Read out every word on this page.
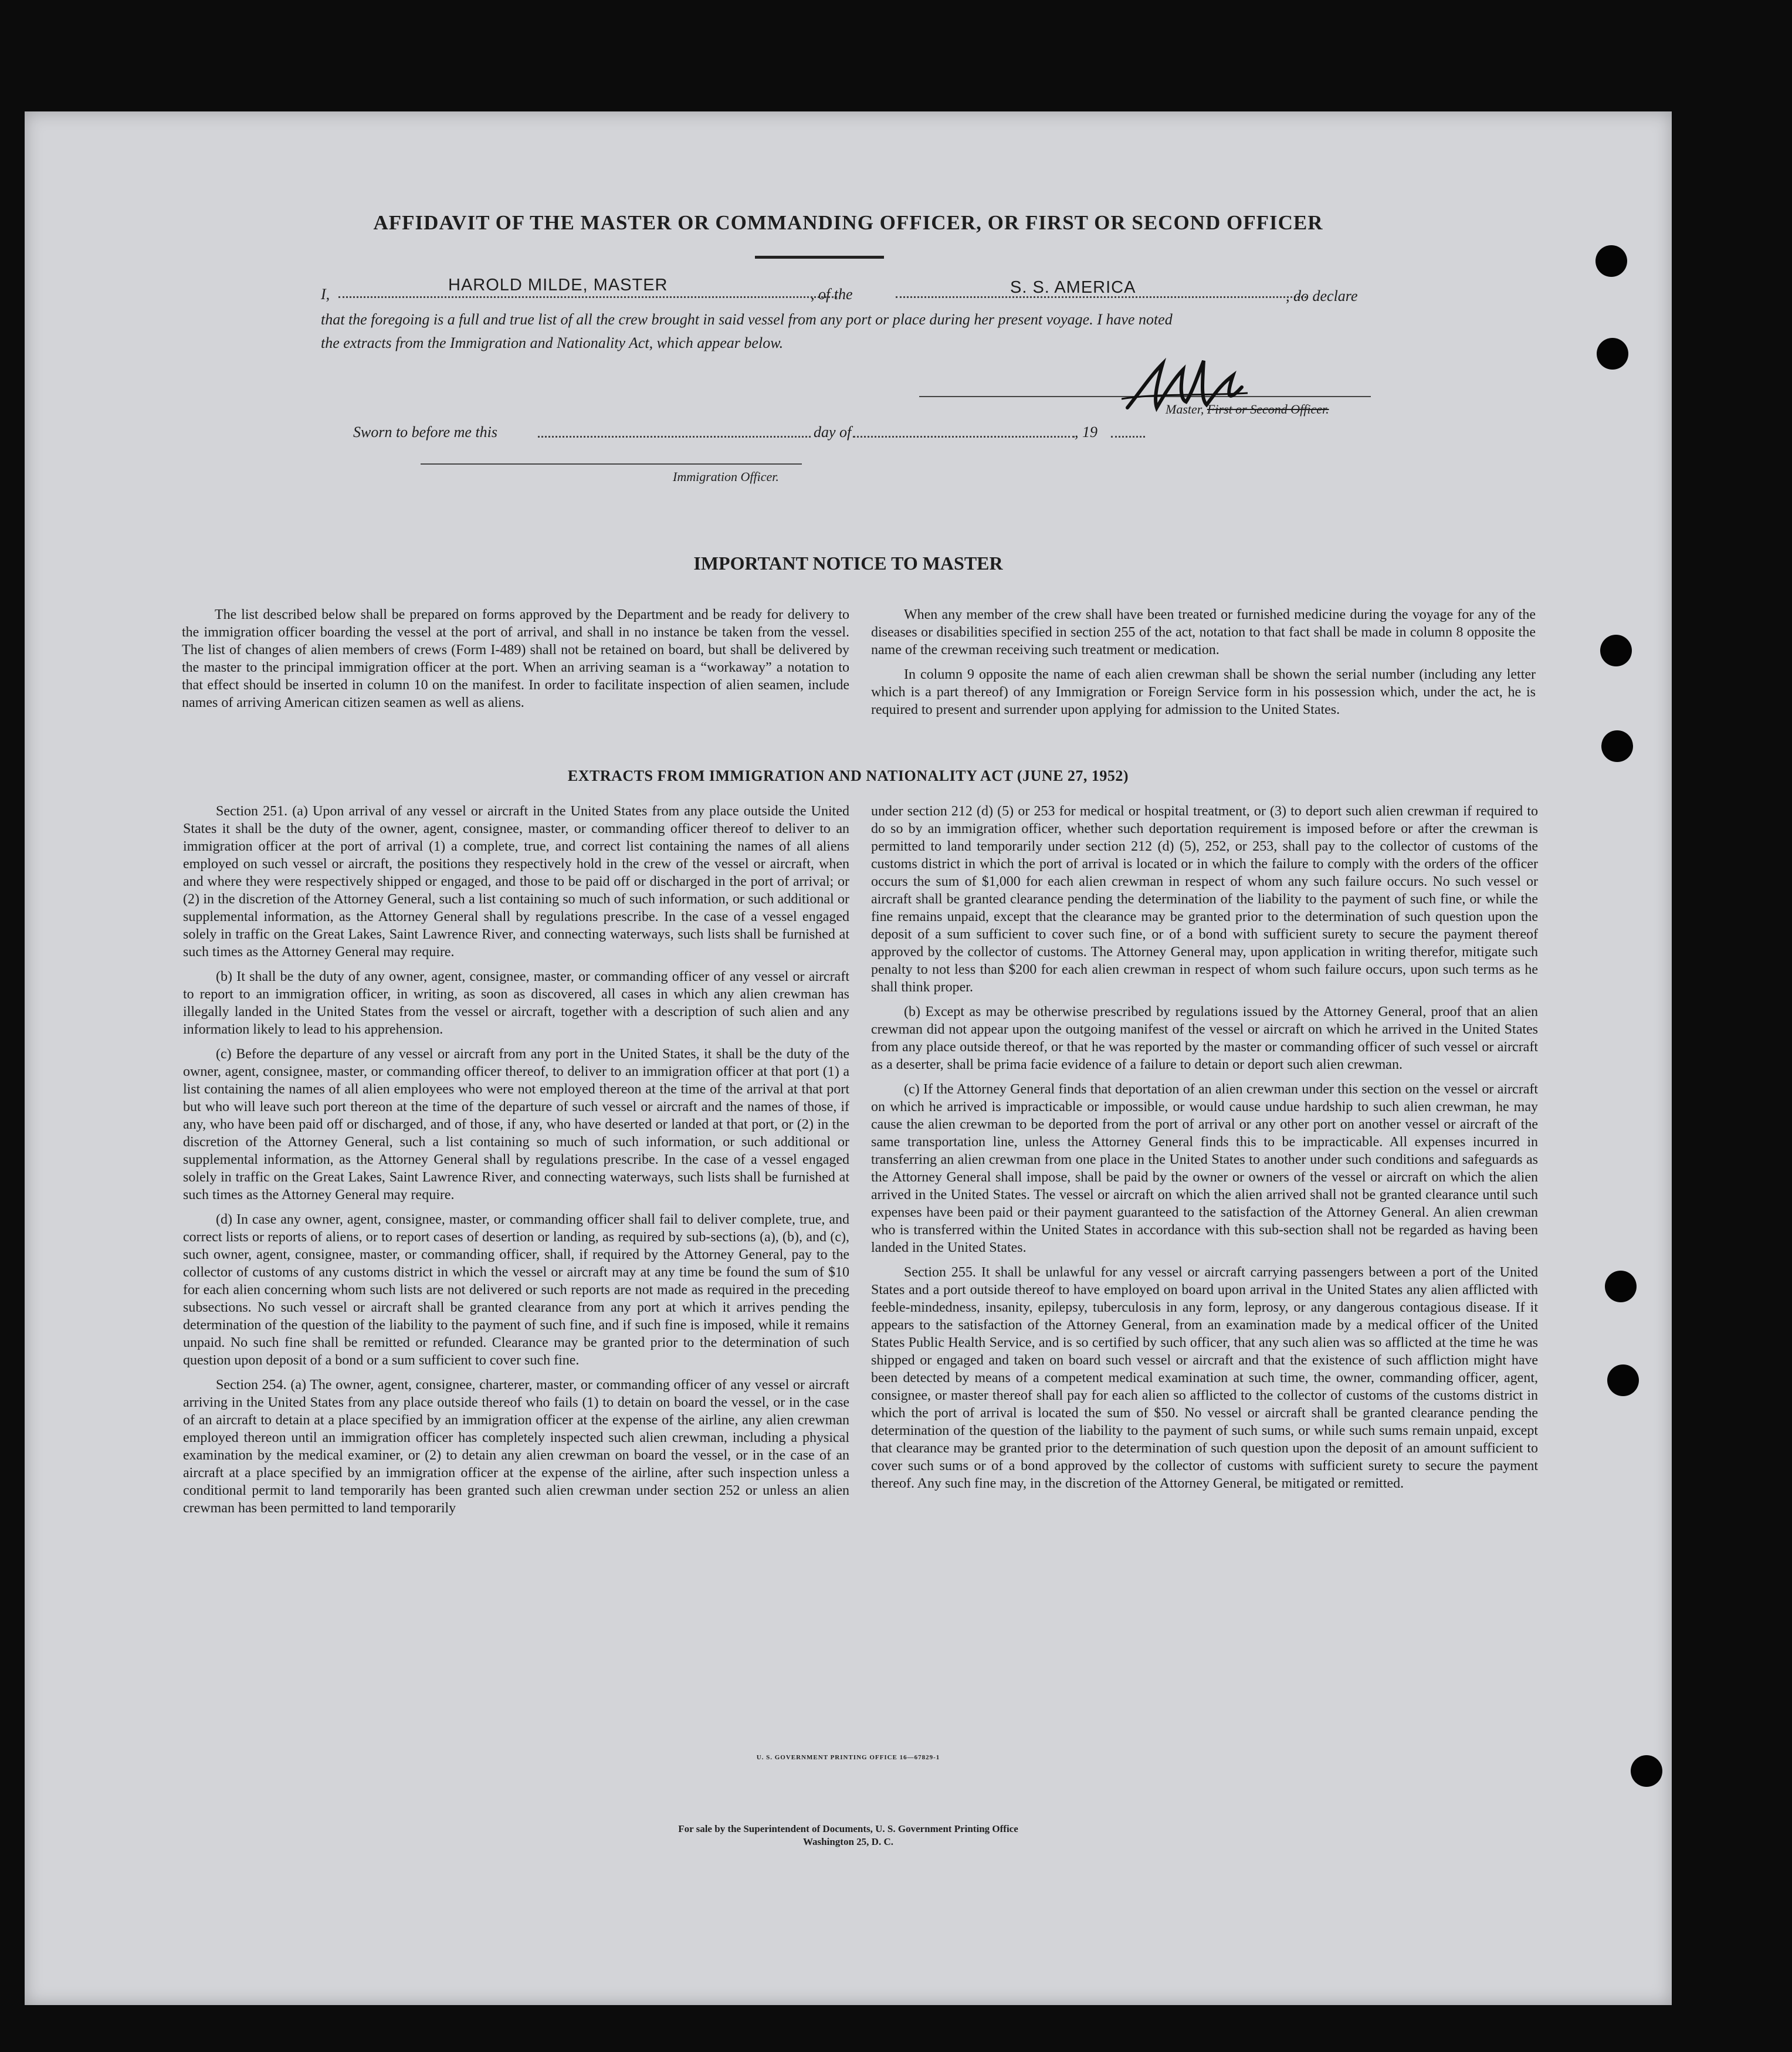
AFFIDAVIT OF THE MASTER OR COMMANDING OFFICER, OR FIRST OR SECOND OFFICER
I,	HAROLD MILDE, MASTER	, of the	S. S. AMERICA	, do declare
that the foregoing is a full and true list of all the crew brought in said vessel from any port or place during her present voyage. I have noted
the extracts from the Immigration and Nationality Act, which appear below.
Master, First or Second Officer.
Sworn to before me this	day of	, 19
Immigration Officer.
IMPORTANT NOTICE TO MASTER

The list described below shall be prepared on forms approved by the Department and be ready for delivery to the immigration officer boarding the vessel at the port of arrival, and shall in no instance be taken from the vessel. The list of changes of alien members of crews (Form I-489) shall not be retained on board, but shall be delivered by the master to the principal immigration officer at the port. When an arriving seaman is a “workaway” a notation to that effect should be inserted in column 10 on the manifest. In order to facilitate inspection of alien seamen, include names of arriving American citizen seamen as well as aliens.

When any member of the crew shall have been treated or furnished medicine during the voyage for any of the diseases or disabilities specified in section 255 of the act, notation to that fact shall be made in column 8 opposite the name of the crewman receiving such treatment or medication.

In column 9 opposite the name of each alien crewman shall be shown the serial number (including any letter which is a part thereof) of any Immigration or Foreign Service form in his possession which, under the act, he is required to present and surrender upon applying for admission to the United States.

EXTRACTS FROM IMMIGRATION AND NATIONALITY ACT (JUNE 27, 1952)

Section 251. (a) Upon arrival of any vessel or aircraft in the United States from any place outside the United States it shall be the duty of the owner, agent, consignee, master, or commanding officer thereof to deliver to an immigration officer at the port of arrival (1) a complete, true, and correct list containing the names of all aliens employed on such vessel or aircraft, the positions they respectively hold in the crew of the vessel or aircraft, when and where they were respectively shipped or engaged, and those to be paid off or discharged in the port of arrival; or (2) in the discretion of the Attorney General, such a list containing so much of such information, or such additional or supplemental information, as the Attorney General shall by regulations prescribe. In the case of a vessel engaged solely in traffic on the Great Lakes, Saint Lawrence River, and connecting waterways, such lists shall be furnished at such times as the Attorney General may require.

(b) It shall be the duty of any owner, agent, consignee, master, or commanding officer of any vessel or aircraft to report to an immigration officer, in writing, as soon as discovered, all cases in which any alien crewman has illegally landed in the United States from the vessel or aircraft, together with a description of such alien and any information likely to lead to his apprehension.

(c) Before the departure of any vessel or aircraft from any port in the United States, it shall be the duty of the owner, agent, consignee, master, or commanding officer thereof, to deliver to an immigration officer at that port (1) a list containing the names of all alien employees who were not employed thereon at the time of the arrival at that port but who will leave such port thereon at the time of the departure of such vessel or aircraft and the names of those, if any, who have been paid off or discharged, and of those, if any, who have deserted or landed at that port, or (2) in the discretion of the Attorney General, such a list containing so much of such information, or such additional or supplemental information, as the Attorney General shall by regulations prescribe. In the case of a vessel engaged solely in traffic on the Great Lakes, Saint Lawrence River, and connecting waterways, such lists shall be furnished at such times as the Attorney General may require.

(d) In case any owner, agent, consignee, master, or commanding officer shall fail to deliver complete, true, and correct lists or reports of aliens, or to report cases of desertion or landing, as required by sub-sections (a), (b), and (c), such owner, agent, consignee, master, or commanding officer, shall, if required by the Attorney General, pay to the collector of customs of any customs district in which the vessel or aircraft may at any time be found the sum of $10 for each alien concerning whom such lists are not delivered or such reports are not made as required in the preceding subsections. No such vessel or aircraft shall be granted clearance from any port at which it arrives pending the determination of the question of the liability to the payment of such fine, and if such fine is imposed, while it remains unpaid. No such fine shall be remitted or refunded. Clearance may be granted prior to the determination of such question upon deposit of a bond or a sum sufficient to cover such fine.

Section 254. (a) The owner, agent, consignee, charterer, master, or commanding officer of any vessel or aircraft arriving in the United States from any place outside thereof who fails (1) to detain on board the vessel, or in the case of an aircraft to detain at a place specified by an immigration officer at the expense of the airline, any alien crewman employed thereon until an immigration officer has completely inspected such alien crewman, including a physical examination by the medical examiner, or (2) to detain any alien crewman on board the vessel, or in the case of an aircraft at a place specified by an immigration officer at the expense of the airline, after such inspection unless a conditional permit to land temporarily has been granted such alien crewman under section 252 or unless an alien crewman has been permitted to land temporarily

under section 212 (d) (5) or 253 for medical or hospital treatment, or (3) to deport such alien crewman if required to do so by an immigration officer, whether such deportation requirement is imposed before or after the crewman is permitted to land temporarily under section 212 (d) (5), 252, or 253, shall pay to the collector of customs of the customs district in which the port of arrival is located or in which the failure to comply with the orders of the officer occurs the sum of $1,000 for each alien crewman in respect of whom any such failure occurs. No such vessel or aircraft shall be granted clearance pending the determination of the liability to the payment of such fine, or while the fine remains unpaid, except that the clearance may be granted prior to the determination of such question upon the deposit of a sum sufficient to cover such fine, or of a bond with sufficient surety to secure the payment thereof approved by the collector of customs. The Attorney General may, upon application in writing therefor, mitigate such penalty to not less than $200 for each alien crewman in respect of whom such failure occurs, upon such terms as he shall think proper.

(b) Except as may be otherwise prescribed by regulations issued by the Attorney General, proof that an alien crewman did not appear upon the outgoing manifest of the vessel or aircraft on which he arrived in the United States from any place outside thereof, or that he was reported by the master or commanding officer of such vessel or aircraft as a deserter, shall be prima facie evidence of a failure to detain or deport such alien crewman.

(c) If the Attorney General finds that deportation of an alien crewman under this section on the vessel or aircraft on which he arrived is impracticable or impossible, or would cause undue hardship to such alien crewman, he may cause the alien crewman to be deported from the port of arrival or any other port on another vessel or aircraft of the same transportation line, unless the Attorney General finds this to be impracticable. All expenses incurred in transferring an alien crewman from one place in the United States to another under such conditions and safeguards as the Attorney General shall impose, shall be paid by the owner or owners of the vessel or aircraft on which the alien arrived in the United States. The vessel or aircraft on which the alien arrived shall not be granted clearance until such expenses have been paid or their payment guaranteed to the satisfaction of the Attorney General. An alien crewman who is transferred within the United States in accordance with this sub-section shall not be regarded as having been landed in the United States.

Section 255. It shall be unlawful for any vessel or aircraft carrying passengers between a port of the United States and a port outside thereof to have employed on board upon arrival in the United States any alien afflicted with feeble-mindedness, insanity, epilepsy, tuberculosis in any form, leprosy, or any dangerous contagious disease. If it appears to the satisfaction of the Attorney General, from an examination made by a medical officer of the United States Public Health Service, and is so certified by such officer, that any such alien was so afflicted at the time he was shipped or engaged and taken on board such vessel or aircraft and that the existence of such affliction might have been detected by means of a competent medical examination at such time, the owner, commanding officer, agent, consignee, or master thereof shall pay for each alien so afflicted to the collector of customs of the customs district in which the port of arrival is located the sum of $50. No vessel or aircraft shall be granted clearance pending the determination of the question of the liability to the payment of such sums, or while such sums remain unpaid, except that clearance may be granted prior to the determination of such question upon the deposit of an amount sufficient to cover such sums or of a bond approved by the collector of customs with sufficient surety to secure the payment thereof. Any such fine may, in the discretion of the Attorney General, be mitigated or remitted.

U. S. GOVERNMENT PRINTING OFFICE 16—67829-1
For sale by the Superintendent of Documents, U. S. Government Printing Office
Washington 25, D. C.
